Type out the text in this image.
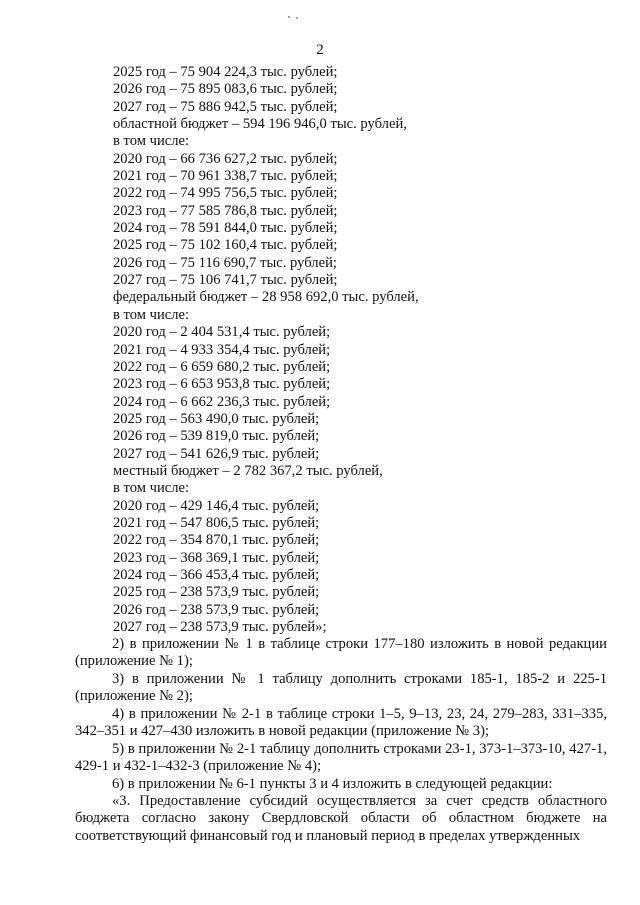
2
2025 год – 75 904 224,3 тыс. рублей;
2026 год – 75 895 083,6 тыс. рублей;
2027 год – 75 886 942,5 тыс. рублей;
областной бюджет – 594 196 946,0 тыс. рублей,
в том числе:
2020 год – 66 736 627,2 тыс. рублей;
2021 год – 70 961 338,7 тыс. рублей;
2022 год – 74 995 756,5 тыс. рублей;
2023 год – 77 585 786,8 тыс. рублей;
2024 год – 78 591 844,0 тыс. рублей;
2025 год – 75 102 160,4 тыс. рублей;
2026 год – 75 116 690,7 тыс. рублей;
2027 год – 75 106 741,7 тыс. рублей;
федеральный бюджет – 28 958 692,0 тыс. рублей,
в том числе:
2020 год – 2 404 531,4 тыс. рублей;
2021 год – 4 933 354,4 тыс. рублей;
2022 год – 6 659 680,2 тыс. рублей;
2023 год – 6 653 953,8 тыс. рублей;
2024 год – 6 662 236,3 тыс. рублей;
2025 год – 563 490,0 тыс. рублей;
2026 год – 539 819,0 тыс. рублей;
2027 год – 541 626,9 тыс. рублей;
местный бюджет – 2 782 367,2 тыс. рублей,
в том числе:
2020 год – 429 146,4 тыс. рублей;
2021 год – 547 806,5 тыс. рублей;
2022 год – 354 870,1 тыс. рублей;
2023 год – 368 369,1 тыс. рублей;
2024 год – 366 453,4 тыс. рублей;
2025 год – 238 573,9 тыс. рублей;
2026 год – 238 573,9 тыс. рублей;
2027 год – 238 573,9 тыс. рублей»;

2) в приложении № 1 в таблице строки 177–180 изложить в новой редакции (приложение № 1);

3) в приложении № 1 таблицу дополнить строками 185-1, 185-2 и 225-1 (приложение № 2);

4) в приложении № 2-1 в таблице строки 1–5, 9–13, 23, 24, 279–283, 331–335, 342–351 и 427–430 изложить в новой редакции (приложение № 3);

5) в приложении № 2-1 таблицу дополнить строками 23-1, 373-1–373-10, 427-1, 429-1 и 432-1–432-3 (приложение № 4);

6) в приложении № 6-1 пункты 3 и 4 изложить в следующей редакции:

«3. Предоставление субсидий осуществляется за счет средств областного бюджета согласно закону Свердловской области об областном бюджете на соответствующий финансовый год и плановый период в пределах утвержденных
